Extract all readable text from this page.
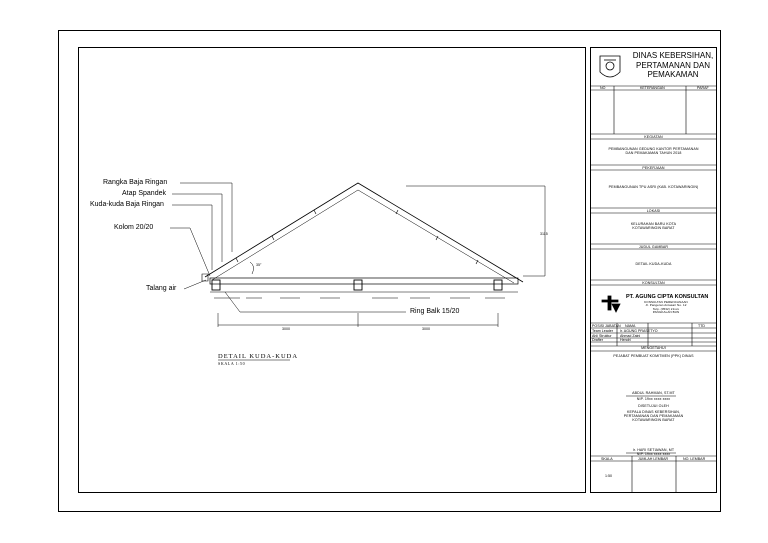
Rangka Baja Ringan
Atap Spandek
Kuda-kuda Baja Ringan
Kolom 20/20
Talang air
Ring Balk 15/20
3000	3000
3115
35°
DETAIL KUDA-KUDA
SKALA 1:50
DINAS KEBERSIHAN,
PERTAMANAN DAN
PEMAKAMAN
NO	KETERANGAN	PARAF
KEGIATAN
PEMBANGUNAN GEDUNG KANTOR PERTAMANAN
DAN PEMAKAMAN TAHUN 2018
PEKERJAAN
PEMBANGUNAN TPU ASRI (KAB. KOTAWARINGIN)
LOKASI
KELURAHAN BARU KOTA
KOTAWARINGIN BARAT
JUDUL GAMBAR
DETAIL KUDA-KUDA
KONSULTAN
PT. AGUNG CIPTA KONSULTAN
KONSULTAN PERENCANAAN
Jl. Pangeran Antasari No. 12
Telp. (0532) 21xxx
PANGKALAN BUN
POSISI JABATAN NAMA	TTD
Team Leader Ir. AGUNG PRASETYO
Ahli Struktur Ahmad Zaini
Drafter	Hendri
MENGETAHUI
PEJABAT PEMBUAT KOMITMEN (PPK) DINAS
ABDUL RAHMAN, ST.MT
NIP. 19xx xxxx xxxx
DISETUJUI OLEH
KEPALA DINAS KEBERSIHAN,
PERTAMANAN DAN PEMAKAMAN
KOTAWARINGIN BARAT
Ir. HARI SETIAWAN, MT
NIP. 19xx xxxx xxxx
SKALA	JUMLAH LEMBAR	NO. LEMBAR
1:50
